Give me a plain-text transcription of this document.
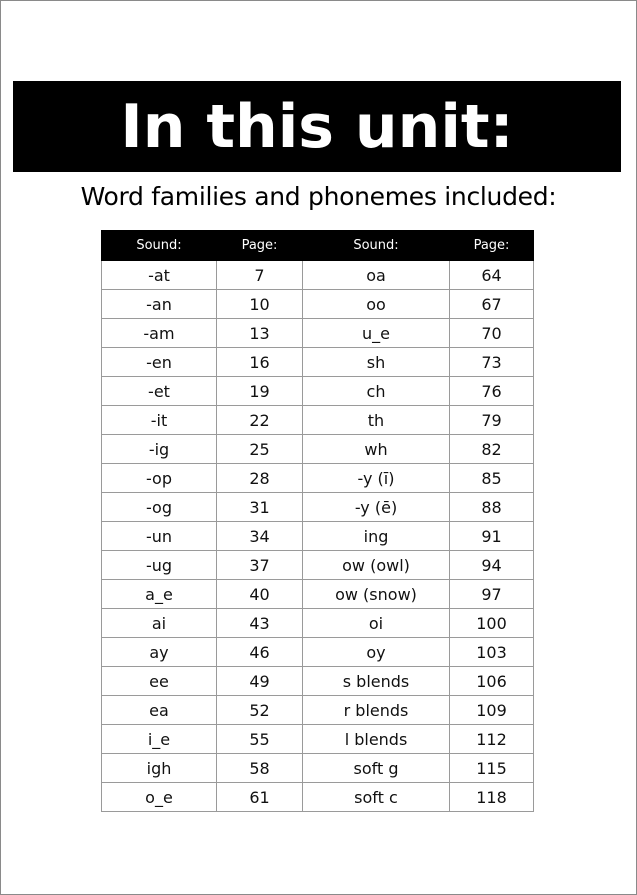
In this unit:
Word families and phonemes included:
Sound:	Page:	Sound:	Page:
-at	7	oa	64
-an	10	oo	67
-am	13	u_e	70
-en	16	sh	73
-et	19	ch	76
-it	22	th	79
-ig	25	wh	82
-op	28	-y (ī)	85
-og	31	-y (ē)	88
-un	34	ing	91
-ug	37	ow (owl)	94
a_e	40	ow (snow)	97
ai	43	oi	100
ay	46	oy	103
ee	49	s blends	106
ea	52	r blends	109
i_e	55	l blends	112
igh	58	soft g	115
o_e	61	soft c	118
